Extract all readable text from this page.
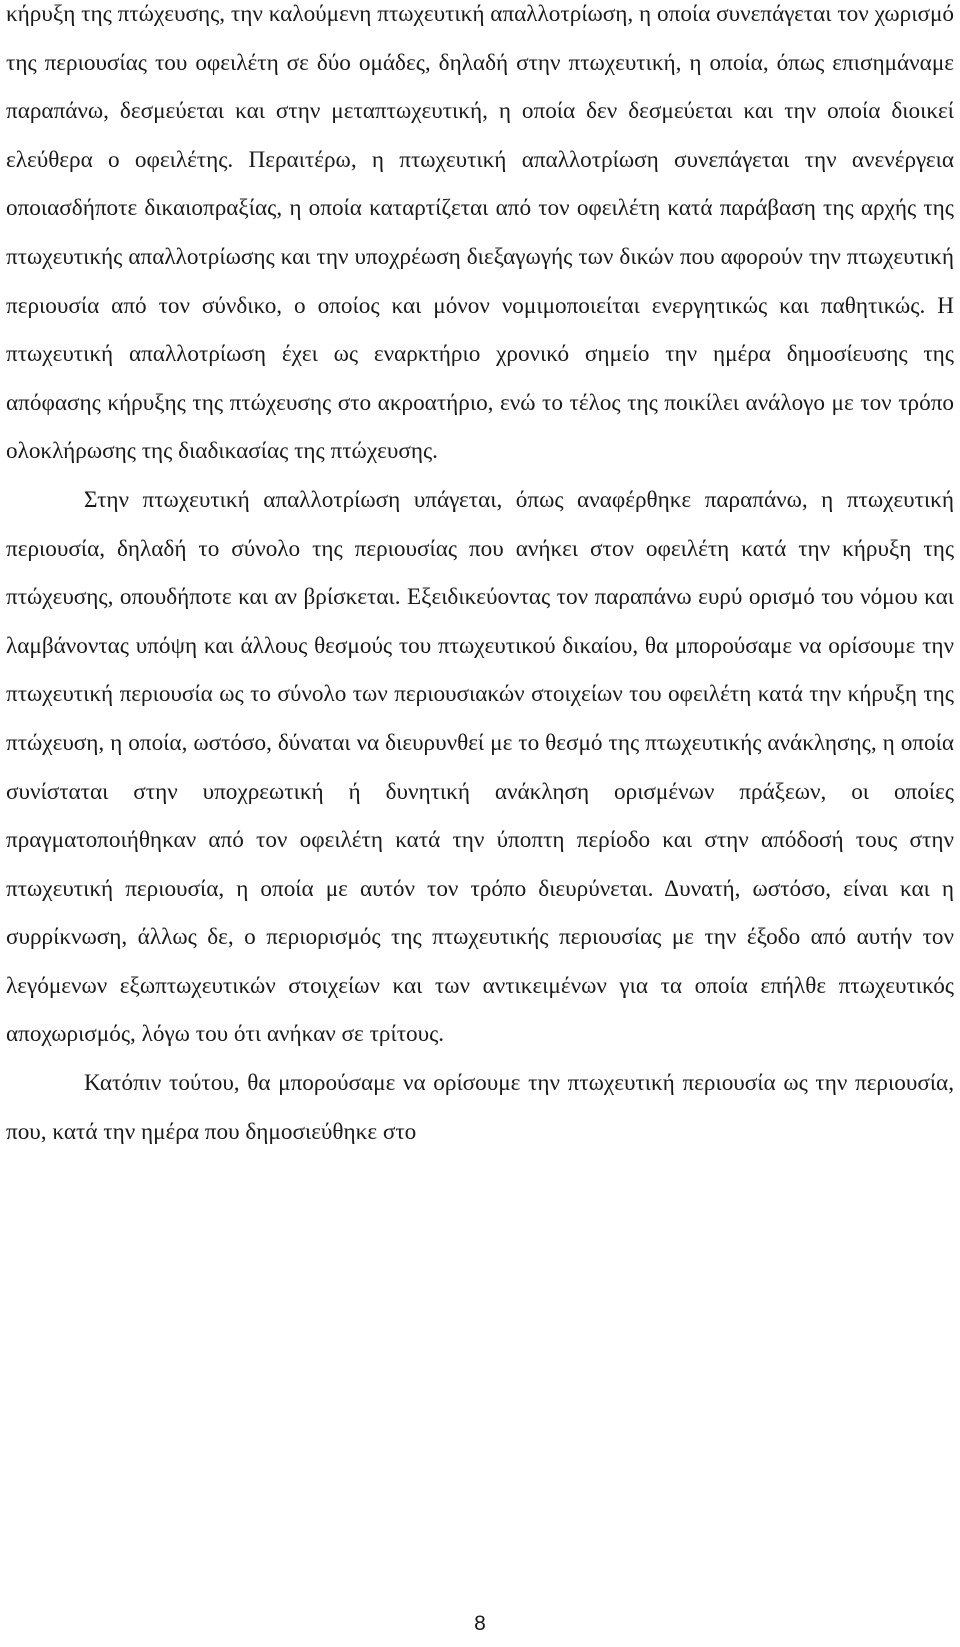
κήρυξη της πτώχευσης, την καλούμενη πτωχευτική απαλλοτρίωση, η οποία συνεπάγεται τον χωρισμό της περιουσίας του οφειλέτη σε δύο ομάδες, δηλαδή στην πτωχευτική, η οποία, όπως επισημάναμε παραπάνω, δεσμεύεται και στην μεταπτωχευτική, η οποία δεν δεσμεύεται και την οποία διοικεί ελεύθερα ο οφειλέτης. Περαιτέρω, η πτωχευτική απαλλοτρίωση συνεπάγεται την ανενέργεια οποιασδήποτε δικαιοπραξίας, η οποία καταρτίζεται από τον οφειλέτη κατά παράβαση της αρχής της πτωχευτικής απαλλοτρίωσης και την υποχρέωση διεξαγωγής των δικών που αφορούν την πτωχευτική περιουσία από τον σύνδικο, ο οποίος και μόνον νομιμοποιείται ενεργητικώς και παθητικώς. Η πτωχευτική απαλλοτρίωση έχει ως εναρκτήριο χρονικό σημείο την ημέρα δημοσίευσης της απόφασης κήρυξης της πτώχευσης στο ακροατήριο, ενώ το τέλος της ποικίλει ανάλογο με τον τρόπο ολοκλήρωσης της διαδικασίας της πτώχευσης.

Στην πτωχευτική απαλλοτρίωση υπάγεται, όπως αναφέρθηκε παραπάνω, η πτωχευτική περιουσία, δηλαδή το σύνολο της περιουσίας που ανήκει στον οφειλέτη κατά την κήρυξη της πτώχευσης, οπουδήποτε και αν βρίσκεται. Εξειδικεύοντας τον παραπάνω ευρύ ορισμό του νόμου και λαμβάνοντας υπόψη και άλλους θεσμούς του πτωχευτικού δικαίου, θα μπορούσαμε να ορίσουμε την πτωχευτική περιουσία ως το σύνολο των περιουσιακών στοιχείων του οφειλέτη κατά την κήρυξη της πτώχευση, η οποία, ωστόσο, δύναται να διευρυνθεί με το θεσμό της πτωχευτικής ανάκλησης, η οποία συνίσταται στην υποχρεωτική ή δυνητική ανάκληση ορισμένων πράξεων, οι οποίες πραγματοποιήθηκαν από τον οφειλέτη κατά την ύποπτη περίοδο και στην απόδοσή τους στην πτωχευτική περιουσία, η οποία με αυτόν τον τρόπο διευρύνεται. Δυνατή, ωστόσο, είναι και η συρρίκνωση, άλλως δε, ο περιορισμός της πτωχευτικής περιουσίας με την έξοδο από αυτήν τον λεγόμενων εξωπτωχευτικών στοιχείων και των αντικειμένων για τα οποία επήλθε πτωχευτικός αποχωρισμός, λόγω του ότι ανήκαν σε τρίτους.

Κατόπιν τούτου, θα μπορούσαμε να ορίσουμε την πτωχευτική περιουσία ως την περιουσία, που, κατά την ημέρα που δημοσιεύθηκε στο

8
